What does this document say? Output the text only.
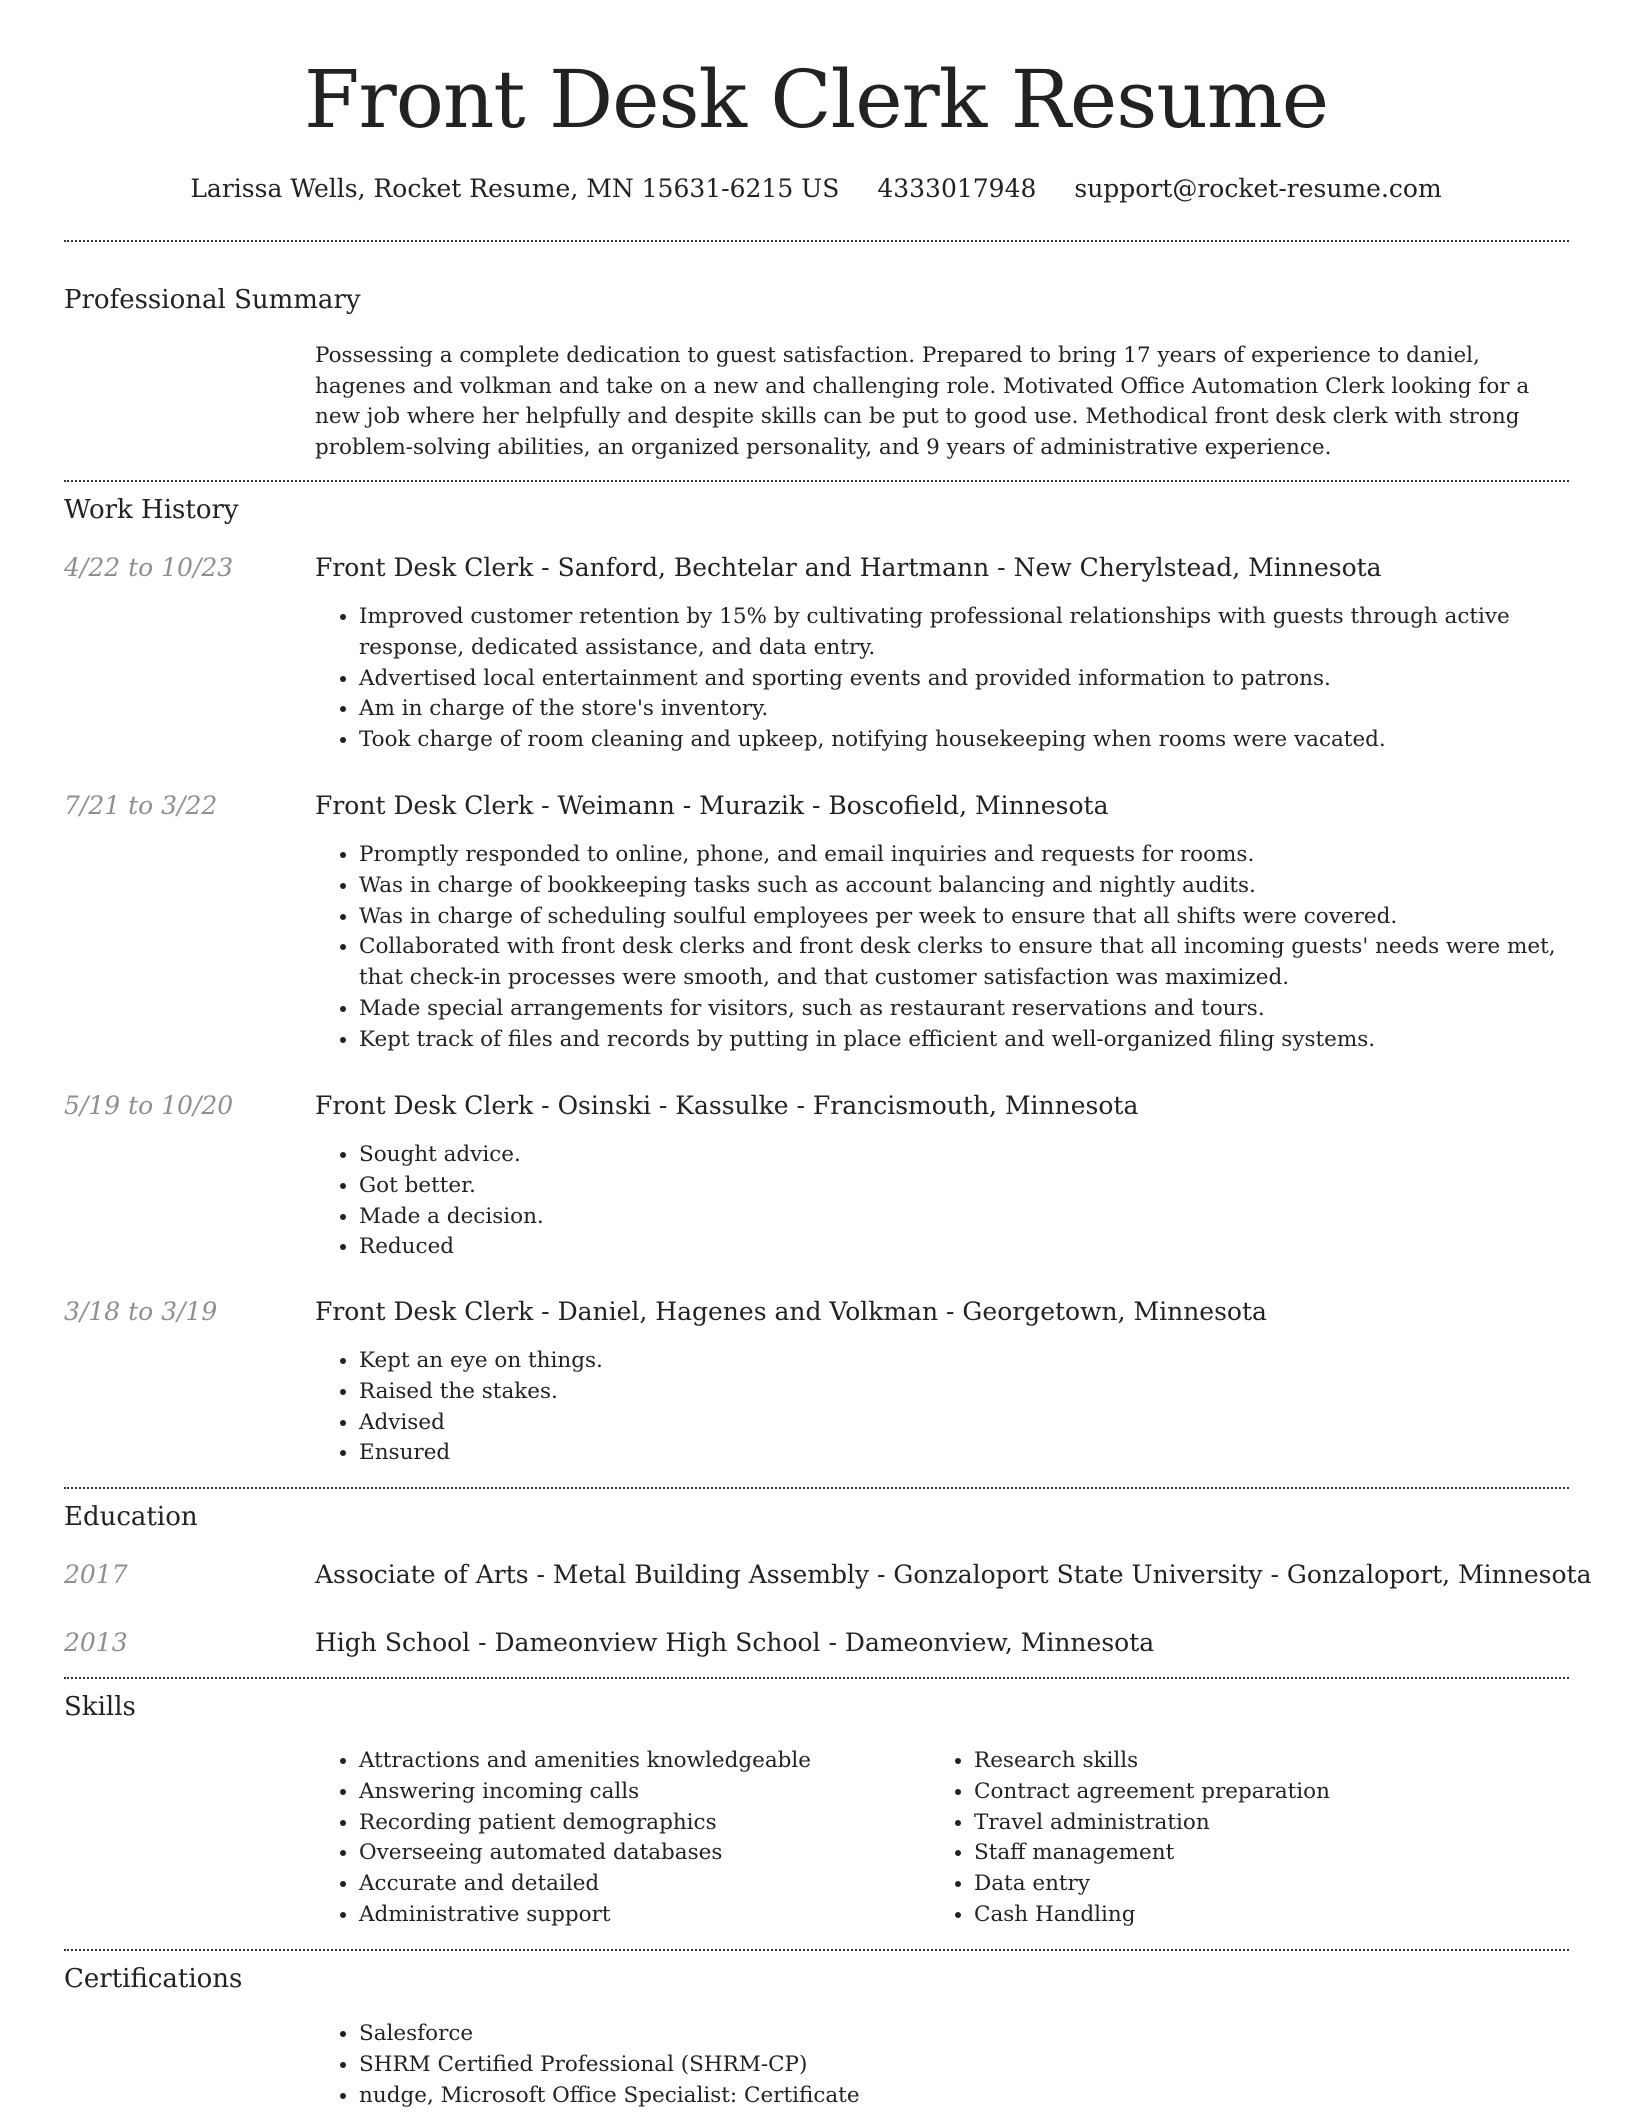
Front Desk Clerk Resume
Larissa Wells, Rocket Resume, MN 15631-6215 US 4333017948 support@rocket-resume.com
Professional Summary

Possessing a complete dedication to guest satisfaction. Prepared to bring 17 years of experience to daniel, hagenes and volkman and take on a new and challenging role. Motivated Office Automation Clerk looking for a new job where her helpfully and despite skills can be put to good use. Methodical front desk clerk with strong problem-solving abilities, an organized personality, and 9 years of administrative experience.

Work History
4/22 to 10/23	Front Desk Clerk - Sanford, Bechtelar and Hartmann - New Cherylstead, Minnesota
• Improved customer retention by 15% by cultivating professional relationships with guests through active response, dedicated assistance, and data entry.
• Advertised local entertainment and sporting events and provided information to patrons.
• Am in charge of the store's inventory.
• Took charge of room cleaning and upkeep, notifying housekeeping when rooms were vacated.
7/21 to 3/22	Front Desk Clerk - Weimann - Murazik - Boscofield, Minnesota
• Promptly responded to online, phone, and email inquiries and requests for rooms.
• Was in charge of bookkeeping tasks such as account balancing and nightly audits.
• Was in charge of scheduling soulful employees per week to ensure that all shifts were covered.
• Collaborated with front desk clerks and front desk clerks to ensure that all incoming guests' needs were met, that check-in processes were smooth, and that customer satisfaction was maximized.
• Made special arrangements for visitors, such as restaurant reservations and tours.
• Kept track of files and records by putting in place efficient and well-organized filing systems.
5/19 to 10/20	Front Desk Clerk - Osinski - Kassulke - Francismouth, Minnesota
• Sought advice.
• Got better.
• Made a decision.
• Reduced
3/18 to 3/19	Front Desk Clerk - Daniel, Hagenes and Volkman - Georgetown, Minnesota
• Kept an eye on things.
• Raised the stakes.
• Advised
• Ensured
Education
2017	Associate of Arts - Metal Building Assembly - Gonzaloport State University - Gonzaloport, Minnesota
2013	High School - Dameonview High School - Dameonview, Minnesota
Skills
• Attractions and amenities knowledgeable
• Answering incoming calls
• Recording patient demographics
• Overseeing automated databases
• Accurate and detailed
• Administrative support
• Research skills
• Contract agreement preparation
• Travel administration
• Staff management
• Data entry
• Cash Handling
Certifications
• Salesforce
• SHRM Certified Professional (SHRM-CP)
• nudge, Microsoft Office Specialist: Certificate
